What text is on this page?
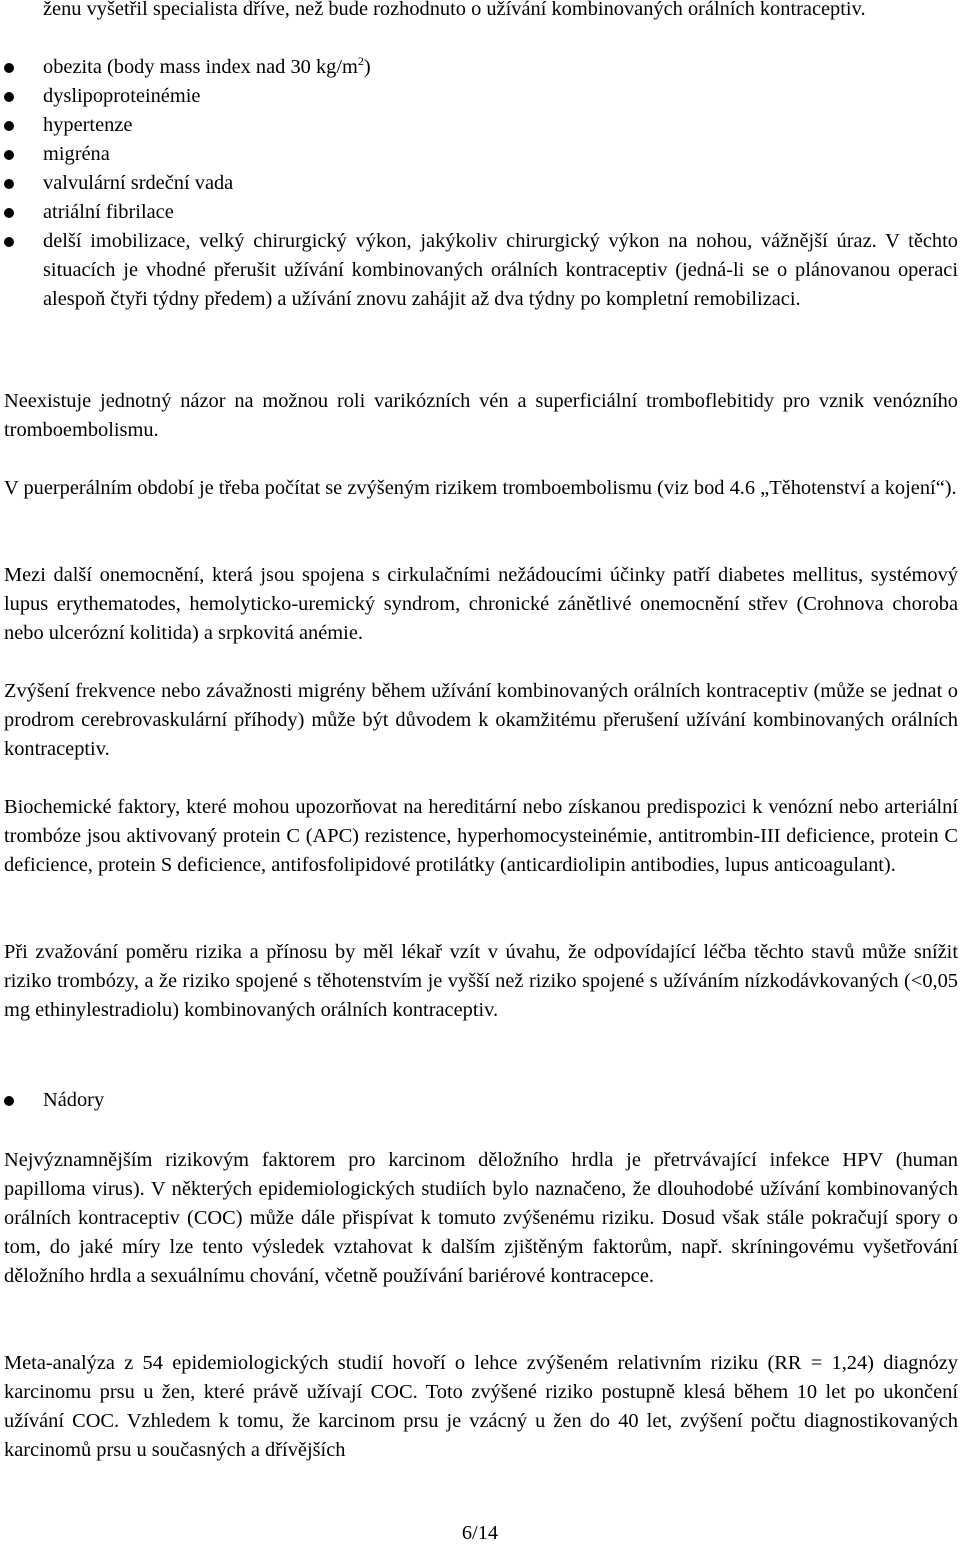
ženu vyšetřil specialista dříve, než bude rozhodnuto o užívání kombinovaných orálních kontraceptiv.

obezita (body mass index nad 30 $kg/m^2$)
dyslipoproteinémie
hypertenze
migréna
valvulární srdeční vada
atriální fibrilace
delší imobilizace, velký chirurgický výkon, jakýkoliv chirurgický výkon na nohou, vážnější úraz. V těchto situacích je vhodné přerušit užívání kombinovaných orálních kontraceptiv (jedná-li se o plánovanou operaci alespoň čtyři týdny předem) a užívání znovu zahájit až dva týdny po kompletní remobilizaci.

Neexistuje jednotný názor na možnou roli varikózních vén a superficiální tromboflebitidy pro vznik venózního tromboembolismu.

V puerperálním období je třeba počítat se zvýšeným rizikem tromboembolismu (viz bod 4.6 „Těhotenství a kojení“).

Mezi další onemocnění, která jsou spojena s cirkulačními nežádoucími účinky patří diabetes mellitus, systémový lupus erythematodes, hemolyticko-uremický syndrom, chronické zánětlivé onemocnění střev (Crohnova choroba nebo ulcerózní kolitida) a srpkovitá anémie.

Zvýšení frekvence nebo závažnosti migrény během užívání kombinovaných orálních kontraceptiv (může se jednat o prodrom cerebrovaskulární příhody) může být důvodem k okamžitému přerušení užívání kombinovaných orálních kontraceptiv.

Biochemické faktory, které mohou upozorňovat na hereditární nebo získanou predispozici k venózní nebo arteriální trombóze jsou aktivovaný protein C (APC) rezistence, hyperhomocysteinémie, antitrombin-III deficience, protein C deficience, protein S deficience, antifosfolipidové protilátky (anticardiolipin antibodies, lupus anticoagulant).

Při zvažování poměru rizika a přínosu by měl lékař vzít v úvahu, že odpovídající léčba těchto stavů může snížit riziko trombózy, a že riziko spojené s těhotenstvím je vyšší než riziko spojené s užíváním nízkodávkovaných (<0,05 mg ethinylestradiolu) kombinovaných orálních kontraceptiv.

Nádory

Nejvýznamnějším rizikovým faktorem pro karcinom děložního hrdla je přetrvávající infekce HPV (human papilloma virus). V některých epidemiologických studiích bylo naznačeno, že dlouhodobé užívání kombinovaných orálních kontraceptiv (COC) může dále přispívat k tomuto zvýšenému riziku. Dosud však stále pokračují spory o tom, do jaké míry lze tento výsledek vztahovat k dalším zjištěným faktorům, např. skríningovému vyšetřování děložního hrdla a sexuálnímu chování, včetně používání bariérové kontracepce.

Meta-analýza z 54 epidemiologických studií hovoří o lehce zvýšeném relativním riziku (RR = 1,24) diagnózy karcinomu prsu u žen, které právě užívají COC. Toto zvýšené riziko postupně klesá během 10 let po ukončení užívání COC. Vzhledem k tomu, že karcinom prsu je vzácný u žen do 40 let, zvýšení počtu diagnostikovaných karcinomů prsu u současných a dřívějších

6/14
